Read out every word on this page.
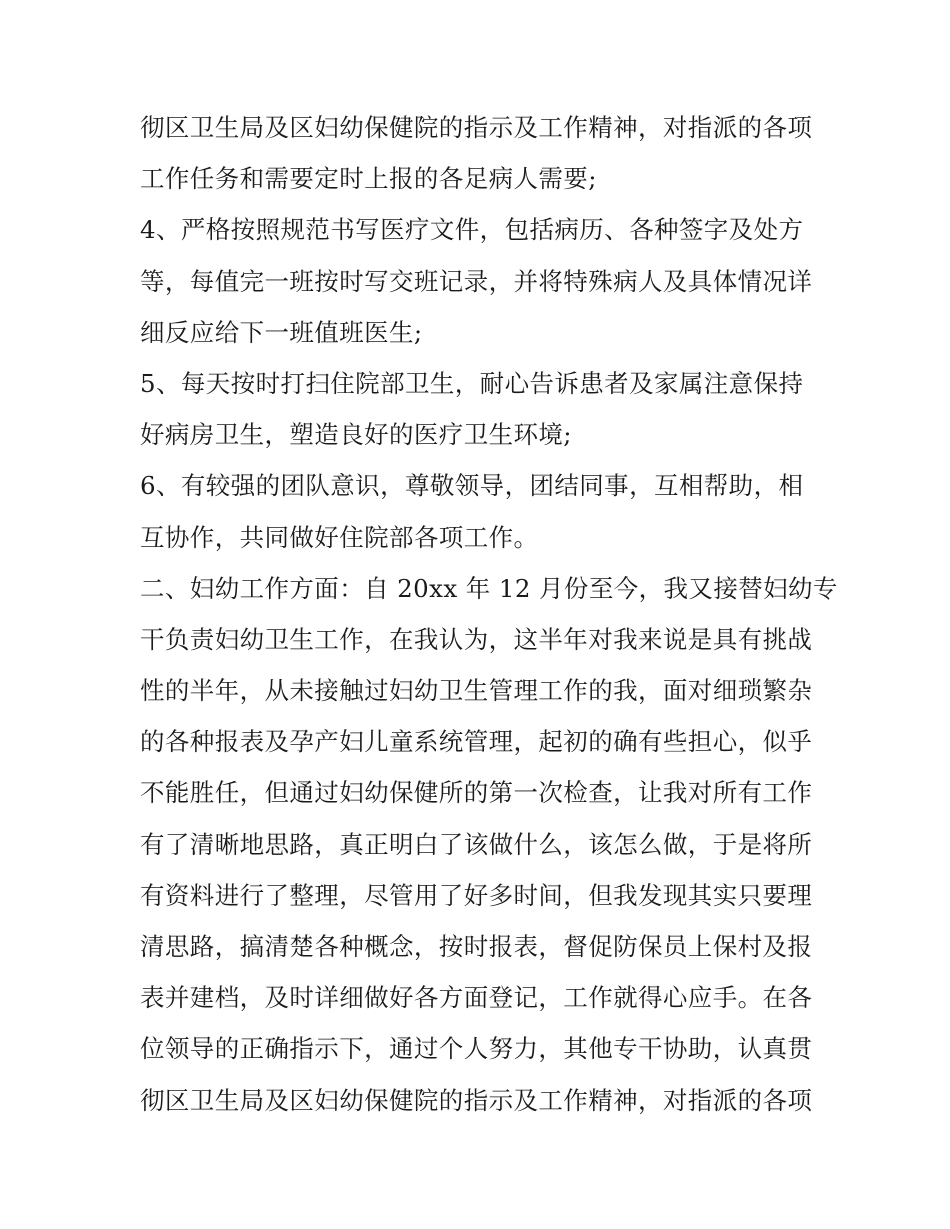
彻区卫生局及区妇幼保健院的指示及工作精神，对指派的各项
工作任务和需要定时上报的各足病人需要;
4、严格按照规范书写医疗文件，包括病历、各种签字及处方
等，每值完一班按时写交班记录，并将特殊病人及具体情况详
细反应给下一班值班医生;
5、每天按时打扫住院部卫生，耐心告诉患者及家属注意保持
好病房卫生，塑造良好的医疗卫生环境;
6、有较强的团队意识，尊敬领导，团结同事，互相帮助，相
互协作，共同做好住院部各项工作。
二、妇幼工作方面：自 20xx 年 12 月份至今，我又接替妇幼专
干负责妇幼卫生工作，在我认为，这半年对我来说是具有挑战
性的半年，从未接触过妇幼卫生管理工作的我，面对细琐繁杂
的各种报表及孕产妇儿童系统管理，起初的确有些担心，似乎
不能胜任，但通过妇幼保健所的第一次检查，让我对所有工作
有了清晰地思路，真正明白了该做什么，该怎么做，于是将所
有资料进行了整理，尽管用了好多时间，但我发现其实只要理
清思路，搞清楚各种概念，按时报表，督促防保员上保村及报
表并建档，及时详细做好各方面登记，工作就得心应手。在各
位领导的正确指示下，通过个人努力，其他专干协助，认真贯
彻区卫生局及区妇幼保健院的指示及工作精神，对指派的各项
